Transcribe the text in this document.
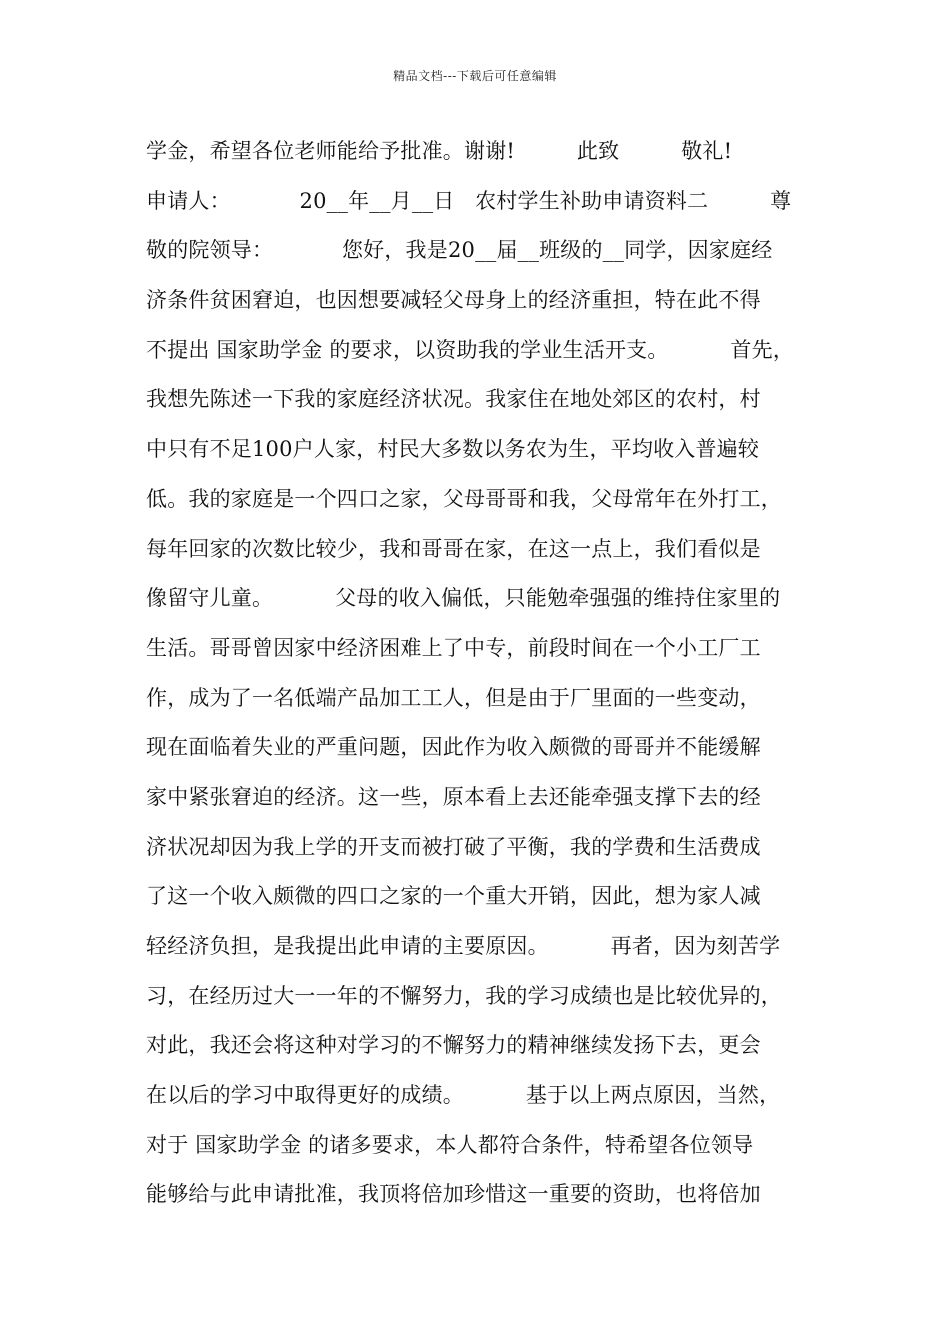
精品文档---下载后可任意编辑
学金，希望各位老师能给予批准。谢谢!         此致         敬礼!
申请人：          20__年__月__日   农村学生补助申请资料二         尊
敬的院领导：          您好，我是20__届__班级的__同学，因家庭经
济条件贫困窘迫，也因想要减轻父母身上的经济重担，特在此不得
不提出 国家助学金 的要求，以资助我的学业生活开支。         首先，
我想先陈述一下我的家庭经济状况。我家住在地处郊区的农村，村
中只有不足100户人家，村民大多数以务农为生，平均收入普遍较
低。我的家庭是一个四口之家，父母哥哥和我，父母常年在外打工，
每年回家的次数比较少，我和哥哥在家，在这一点上，我们看似是
像留守儿童。         父母的收入偏低，只能勉牵强强的维持住家里的
生活。哥哥曾因家中经济困难上了中专，前段时间在一个小工厂工
作，成为了一名低端产品加工工人，但是由于厂里面的一些变动，
现在面临着失业的严重问题，因此作为收入颇微的哥哥并不能缓解
家中紧张窘迫的经济。这一些，原本看上去还能牵强支撑下去的经
济状况却因为我上学的开支而被打破了平衡，我的学费和生活费成
了这一个收入颇微的四口之家的一个重大开销，因此，想为家人减
轻经济负担，是我提出此申请的主要原因。         再者，因为刻苦学
习，在经历过大一一年的不懈努力，我的学习成绩也是比较优异的，
对此，我还会将这种对学习的不懈努力的精神继续发扬下去，更会
在以后的学习中取得更好的成绩。         基于以上两点原因，当然，
对于 国家助学金 的诸多要求，本人都符合条件，特希望各位领导
能够给与此申请批准，我顶将倍加珍惜这一重要的资助，也将倍加
